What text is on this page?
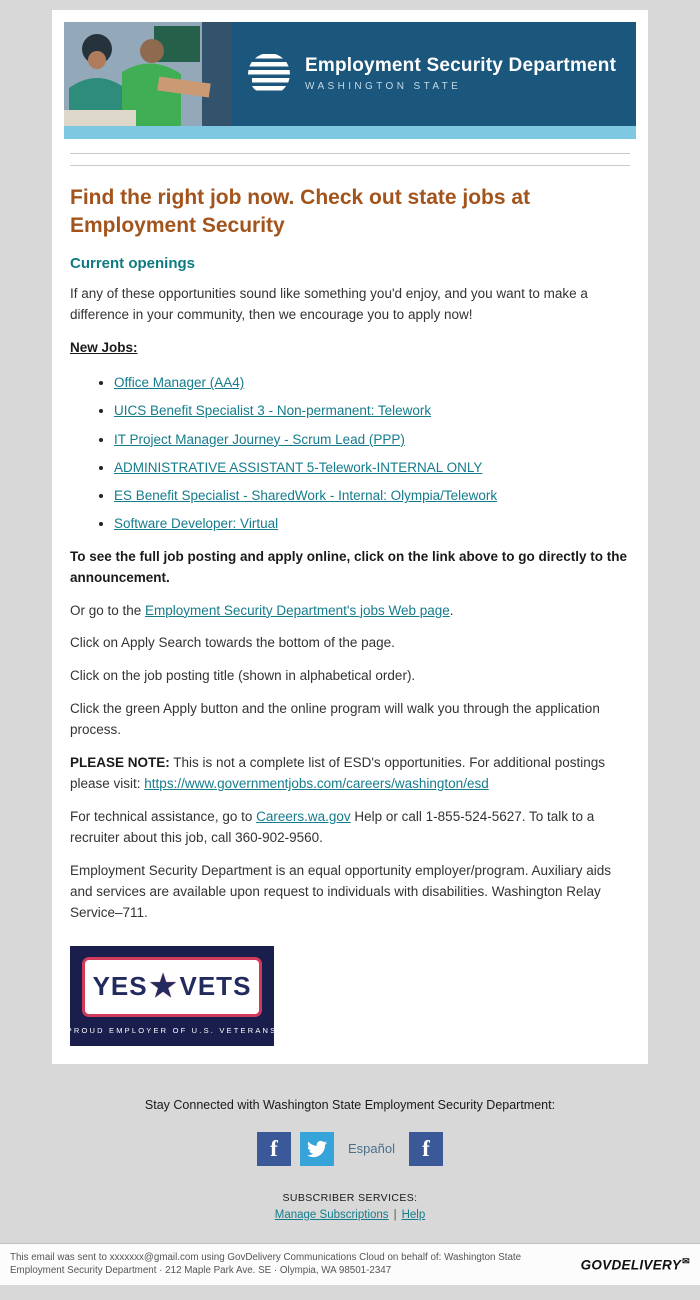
Employment Security Department
WASHINGTON STATE
Find the right job now. Check out state jobs at Employment Security
Current openings

If any of these opportunities sound like something you'd enjoy, and you want to make a difference in your community, then we encourage you to apply now!

New Jobs:

• Office Manager (AA4)
• UICS Benefit Specialist 3 - Non-permanent: Telework
• IT Project Manager Journey - Scrum Lead (PPP)
• ADMINISTRATIVE ASSISTANT 5-Telework-INTERNAL ONLY
• ES Benefit Specialist - SharedWork - Internal: Olympia/Telework
• Software Developer: Virtual

To see the full job posting and apply online, click on the link above to go directly to the announcement.

Or go to the Employment Security Department's jobs Web page.

Click on Apply Search towards the bottom of the page.

Click on the job posting title (shown in alphabetical order).

Click the green Apply button and the online program will walk you through the application process.

PLEASE NOTE: This is not a complete list of ESD's opportunities. For additional postings please visit: https://www.governmentjobs.com/careers/washington/esd

For technical assistance, go to Careers.wa.gov Help or call 1-855-524-5627. To talk to a recruiter about this job, call 360-902-9560.

Employment Security Department is an equal opportunity employer/program. Auxiliary aids and services are available upon request to individuals with disabilities. Washington Relay Service–711.

YES ★ VETS
PROUD EMPLOYER OF U.S. VETERANS

Stay Connected with Washington State Employment Security Department:

f	Español f

SUBSCRIBER SERVICES:

Manage Subscriptions | Help

This email was sent to xxxxxxx@gmail.com using GovDelivery Communications Cloud on behalf of: Washington State Employment Security Department · 212 Maple Park Ave. SE · Olympia, WA 98501-2347	GOVDELIVERY✉
